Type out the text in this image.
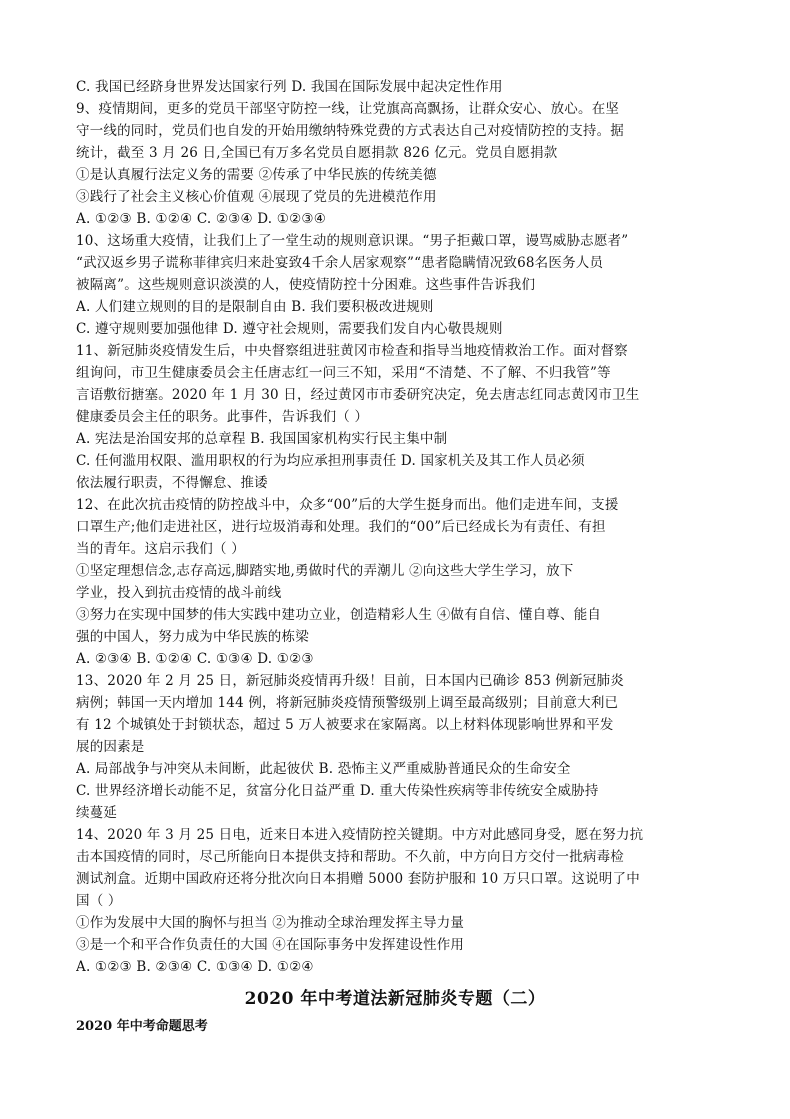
C. 我国已经跻身世界发达国家行列 D. 我国在国际发展中起决定性作用
9、疫情期间，更多的党员干部坚守防控一线，让党旗高高飘扬，让群众安心、放心。在坚
守一线的同时，党员们也自发的开始用缴纳特殊党费的方式表达自己对疫情防控的支持。据
统计，截至 3 月 26 日,全国已有万多名党员自愿捐款 826 亿元。党员自愿捐款
①是认真履行法定义务的需要 ②传承了中华民族的传统美德
③践行了社会主义核心价值观 ④展现了党员的先进模范作用
A. ①②③ B. ①②④ C. ②③④ D. ①②③④
10、这场重大疫情，让我们上了一堂生动的规则意识课。“男子拒戴口罩，谩骂威胁志愿者”
“武汉返乡男子谎称菲律宾归来赴宴致4千余人居家观察”“患者隐瞒情况致68名医务人员
被隔离”。这些规则意识淡漠的人，使疫情防控十分困难。这些事件告诉我们
A. 人们建立规则的目的是限制自由 B. 我们要积极改进规则
C. 遵守规则要加强他律 D. 遵守社会规则，需要我们发自内心敬畏规则
11、新冠肺炎疫情发生后，中央督察组进驻黄冈市检查和指导当地疫情救治工作。面对督察
组询问，市卫生健康委员会主任唐志红一问三不知，采用“不清楚、不了解、不归我管”等
言语敷衍搪塞。2020 年 1 月 30 日，经过黄冈市市委研究决定，免去唐志红同志黄冈市卫生
健康委员会主任的职务。此事件，告诉我们（ ）
A. 宪法是治国安邦的总章程 B. 我国国家机构实行民主集中制
C. 任何滥用权限、滥用职权的行为均应承担刑事责任 D. 国家机关及其工作人员必须
依法履行职责，不得懈怠、推诿
12、在此次抗击疫情的防控战斗中，众多“00”后的大学生挺身而出。他们走进车间，支援
口罩生产;他们走进社区，进行垃圾消毒和处理。我们的“00”后已经成长为有责任、有担
当的青年。这启示我们（ ）
①坚定理想信念,志存高远,脚踏实地,勇做时代的弄潮儿 ②向这些大学生学习，放下
学业，投入到抗击疫情的战斗前线
③努力在实现中国梦的伟大实践中建功立业，创造精彩人生 ④做有自信、懂自尊、能自
强的中国人，努力成为中华民族的栋梁
A. ②③④ B. ①②④ C. ①③④ D. ①②③
13、2020 年 2 月 25 日，新冠肺炎疫情再升级！目前，日本国内已确诊 853 例新冠肺炎
病例；韩国一天内增加 144 例，将新冠肺炎疫情预警级别上调至最高级别；目前意大利已
有 12 个城镇处于封锁状态，超过 5 万人被要求在家隔离。以上材料体现影响世界和平发
展的因素是
A. 局部战争与冲突从未间断，此起彼伏 B. 恐怖主义严重威胁普通民众的生命安全
C. 世界经济增长动能不足，贫富分化日益严重 D. 重大传染性疾病等非传统安全威胁持
续蔓延
14、2020 年 3 月 25 日电，近来日本进入疫情防控关键期。中方对此感同身受，愿在努力抗
击本国疫情的同时，尽己所能向日本提供支持和帮助。不久前，中方向日方交付一批病毒检
测试剂盒。近期中国政府还将分批次向日本捐赠 5000 套防护服和 10 万只口罩。这说明了中
国（ ）
①作为发展中大国的胸怀与担当 ②为推动全球治理发挥主导力量
③是一个和平合作负责任的大国 ④在国际事务中发挥建设性作用
A. ①②③ B. ②③④ C. ①③④ D. ①②④
2020 年中考道法新冠肺炎专题（二）
2020 年中考命题思考
